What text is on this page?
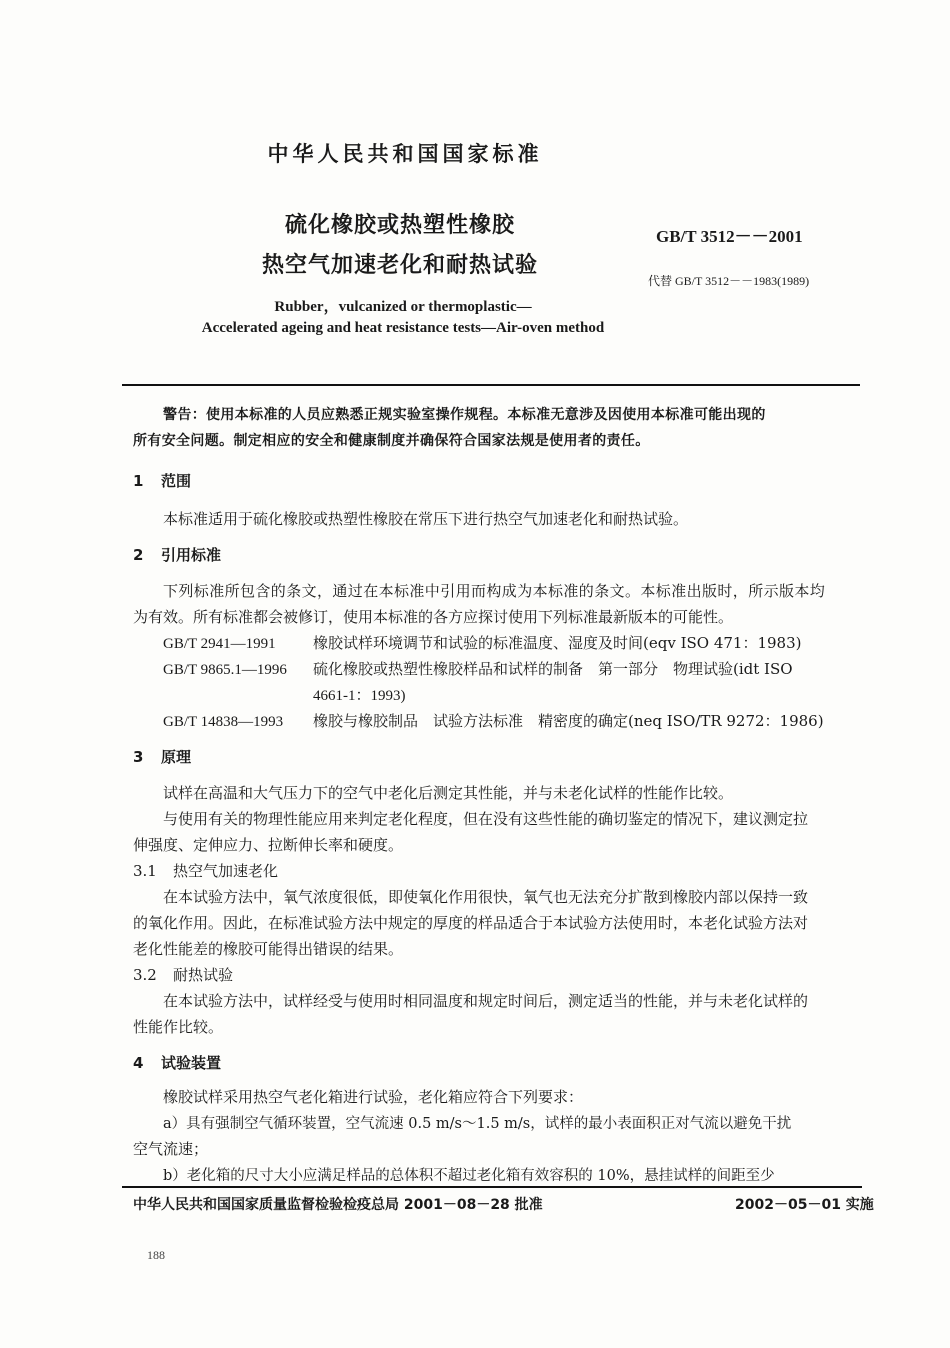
中华人民共和国国家标准
硫化橡胶或热塑性橡胶
热空气加速老化和耐热试验
GB/T 3512－－2001
代替 GB/T 3512－－1983(1989)
Rubber，vulcanized or thermoplastic—
Accelerated ageing and heat resistance tests—Air-oven method
警告：使用本标准的人员应熟悉正规实验室操作规程。本标准无意涉及因使用本标准可能出现的
所有安全问题。制定相应的安全和健康制度并确保符合国家法规是使用者的责任。
1 范围
本标准适用于硫化橡胶或热塑性橡胶在常压下进行热空气加速老化和耐热试验。
2 引用标准
下列标准所包含的条文，通过在本标准中引用而构成为本标准的条文。本标准出版时，所示版本均
为有效。所有标准都会被修订，使用本标准的各方应探讨使用下列标准最新版本的可能性。
GB/T 2941—1991 橡胶试样环境调节和试验的标准温度、湿度及时间(eqv ISO 471：1983)
GB/T 9865.1—1996 硫化橡胶或热塑性橡胶样品和试样的制备　第一部分　物理试验(idt ISO
4661-1：1993)
GB/T 14838—1993 橡胶与橡胶制品　试验方法标准　精密度的确定(neq ISO/TR 9272：1986)
3 原理
试样在高温和大气压力下的空气中老化后测定其性能，并与未老化试样的性能作比较。
与使用有关的物理性能应用来判定老化程度，但在没有这些性能的确切鉴定的情况下，建议测定拉
伸强度、定伸应力、拉断伸长率和硬度。
3.1 热空气加速老化
在本试验方法中，氧气浓度很低，即使氧化作用很快，氧气也无法充分扩散到橡胶内部以保持一致
的氧化作用。因此，在标准试验方法中规定的厚度的样品适合于本试验方法使用时，本老化试验方法对
老化性能差的橡胶可能得出错误的结果。
3.2 耐热试验
在本试验方法中，试样经受与使用时相同温度和规定时间后，测定适当的性能，并与未老化试样的
性能作比较。
4 试验装置
橡胶试样采用热空气老化箱进行试验，老化箱应符合下列要求：
a）具有强制空气循环装置，空气流速 0.5 m/s～1.5 m/s，试样的最小表面积正对气流以避免干扰
空气流速；
b）老化箱的尺寸大小应满足样品的总体积不超过老化箱有效容积的 10%，悬挂试样的间距至少
中华人民共和国国家质量监督检验检疫总局 2001－08－28 批准	2002－05－01 实施
188
